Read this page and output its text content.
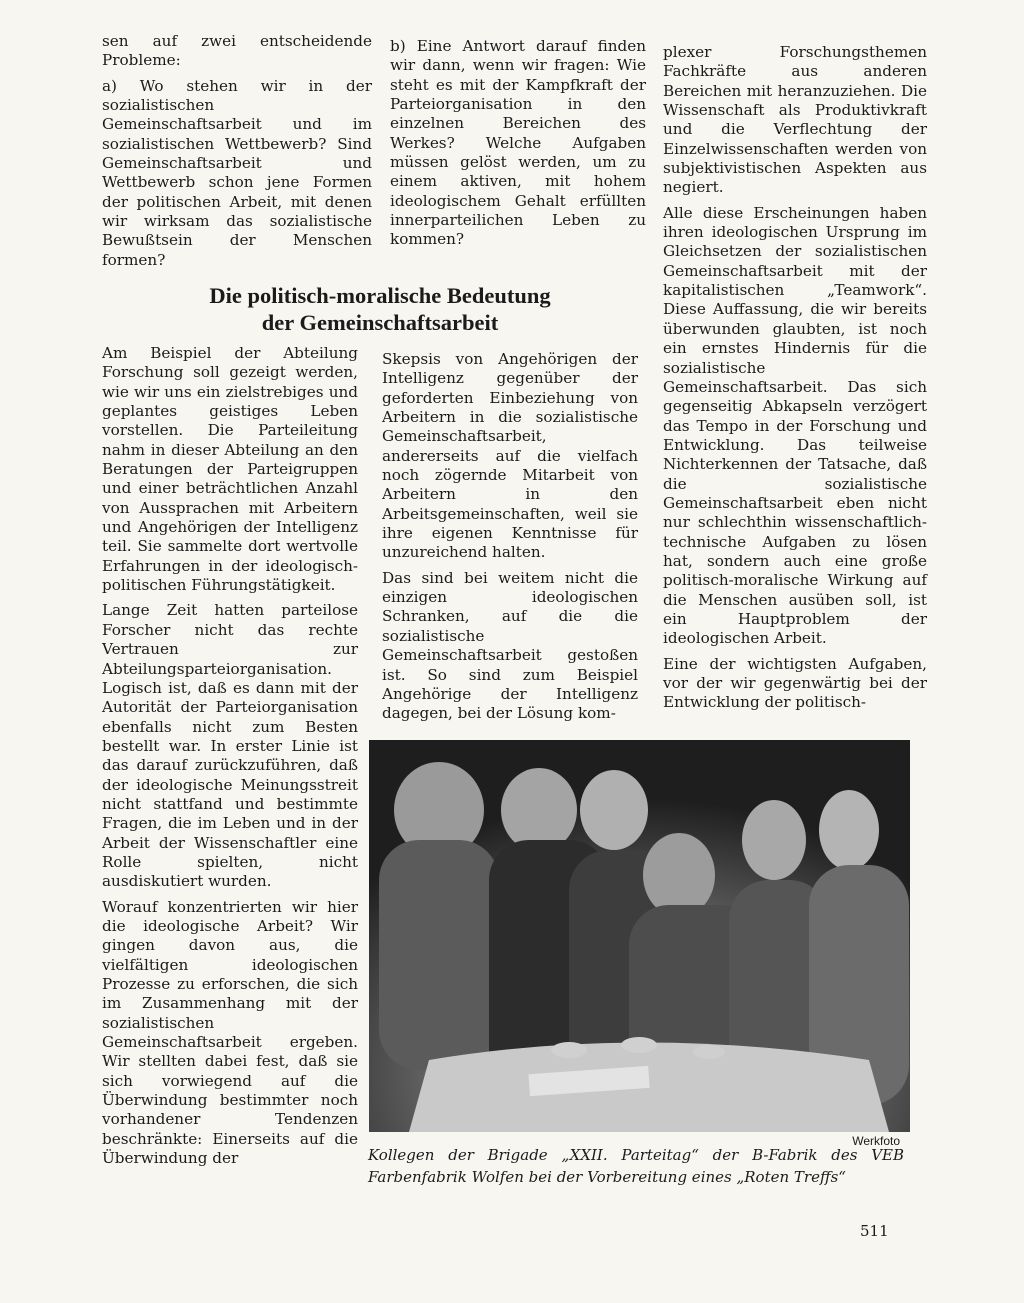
sen auf zwei entscheidende Probleme:

a) Wo stehen wir in der sozialistischen Gemeinschaftsarbeit und im sozialistischen Wettbewerb? Sind Gemeinschaftsarbeit und Wettbewerb schon jene Formen der politischen Arbeit, mit denen wir wirksam das sozialistische Bewußtsein der Menschen formen?

b) Eine Antwort darauf finden wir dann, wenn wir fragen: Wie steht es mit der Kampfkraft der Parteiorganisation in den einzelnen Bereichen des Werkes? Welche Aufgaben müssen gelöst werden, um zu einem aktiven, mit hohem ideologischem Gehalt erfüllten innerparteilichen Leben zu kommen?

plexer Forschungsthemen Fachkräfte aus anderen Bereichen mit heranzuziehen. Die Wissenschaft als Produktivkraft und die Verflechtung der Einzelwissenschaften werden von subjektivistischen Aspekten aus negiert.

Alle diese Erscheinungen haben ihren ideologischen Ursprung im Gleichsetzen der sozialistischen Gemeinschaftsarbeit mit der kapitalistischen „Teamwork“. Diese Auffassung, die wir bereits überwunden glaubten, ist noch ein ernstes Hindernis für die sozialistische Gemeinschaftsarbeit. Das sich gegenseitig Abkapseln verzögert das Tempo in der Forschung und Entwicklung. Das teilweise Nichterkennen der Tatsache, daß die sozialistische Gemeinschaftsarbeit eben nicht nur schlechthin wissenschaftlich-technische Aufgaben zu lösen hat, sondern auch eine große politisch-moralische Wirkung auf die Menschen ausüben soll, ist ein Hauptproblem der ideologischen Arbeit.

Eine der wichtigsten Aufgaben, vor der wir gegenwärtig bei der Entwicklung der politisch-

Die politisch-moralische Bedeutung
der Gemeinschaftsarbeit

Am Beispiel der Abteilung Forschung soll gezeigt werden, wie wir uns ein zielstrebiges und geplantes geistiges Leben vorstellen. Die Parteileitung nahm in dieser Abteilung an den Beratungen der Parteigruppen und einer beträchtlichen Anzahl von Aussprachen mit Arbeitern und Angehörigen der Intelligenz teil. Sie sammelte dort wertvolle Erfahrungen in der ideologisch-politischen Führungstätigkeit.

Lange Zeit hatten parteilose Forscher nicht das rechte Vertrauen zur Abteilungsparteiorganisation. Logisch ist, daß es dann mit der Autorität der Parteiorganisation ebenfalls nicht zum Besten bestellt war. In erster Linie ist das darauf zurückzuführen, daß der ideologische Meinungsstreit nicht stattfand und bestimmte Fragen, die im Leben und in der Arbeit der Wissenschaftler eine Rolle spielten, nicht ausdiskutiert wurden.

Worauf konzentrierten wir hier die ideologische Arbeit? Wir gingen davon aus, die vielfältigen ideologischen Prozesse zu erforschen, die sich im Zusammenhang mit der sozialistischen Gemeinschaftsarbeit ergeben. Wir stellten dabei fest, daß sie sich vorwiegend auf die Überwindung bestimmter noch vorhandener Tendenzen beschränkte: Einerseits auf die Überwindung der

Skepsis von Angehörigen der Intelligenz gegenüber der geforderten Einbeziehung von Arbeitern in die sozialistische Gemeinschaftsarbeit, andererseits auf die vielfach noch zögernde Mitarbeit von Arbeitern in den Arbeitsgemeinschaften, weil sie ihre eigenen Kenntnisse für unzureichend halten.

Das sind bei weitem nicht die einzigen ideologischen Schranken, auf die die sozialistische Gemeinschaftsarbeit gestoßen ist. So sind zum Beispiel Angehörige der Intelligenz dagegen, bei der Lösung kom-

Werkfoto
Kollegen der Brigade „XXII. Parteitag“ der B-Fabrik des VEB Farbenfabrik Wolfen bei der Vorbereitung eines „Roten Treffs“
511
